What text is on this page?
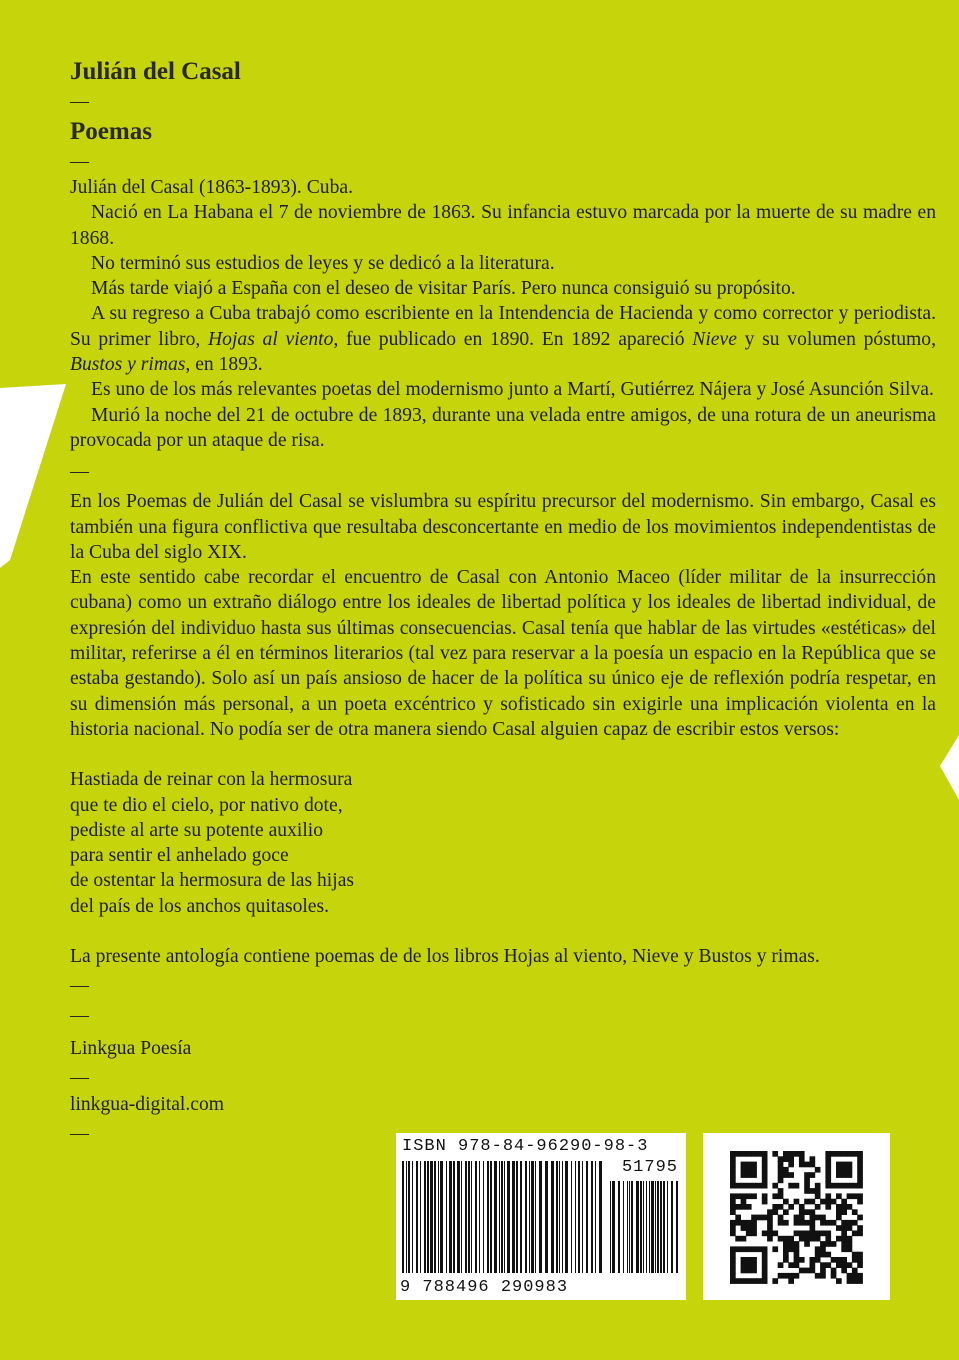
Julián del Casal
—
Poemas
—

Julián del Casal (1863-1893). Cuba.

Nació en La Habana el 7 de noviembre de 1863. Su infancia estuvo marcada por la muerte de su madre en 1868.

No terminó sus estudios de leyes y se dedicó a la literatura.

Más tarde viajó a España con el deseo de visitar París. Pero nunca consiguió su propósito.

A su regreso a Cuba trabajó como escribiente en la Intendencia de Hacienda y como corrector y periodista. Su primer libro, Hojas al viento, fue publicado en 1890. En 1892 apareció Nieve y su volumen póstumo, Bustos y rimas, en 1893.

Es uno de los más relevantes poetas del modernismo junto a Martí, Gutiérrez Nájera y José Asunción Silva.

Murió la noche del 21 de octubre de 1893, durante una velada entre amigos, de una rotura de un aneurisma provocada por un ataque de risa.

—

En los Poemas de Julián del Casal se vislumbra su espíritu precursor del modernismo. Sin embargo, Casal es también una figura conflictiva que resultaba desconcertante en medio de los movimientos independentistas de la Cuba del siglo XIX.

En este sentido cabe recordar el encuentro de Casal con Antonio Maceo (líder militar de la insurrección cubana) como un extraño diálogo entre los ideales de libertad política y los ideales de libertad individual, de expresión del individuo hasta sus últimas consecuencias. Casal tenía que hablar de las virtudes «estéticas» del militar, referirse a él en términos literarios (tal vez para reservar a la poesía un espacio en la República que se estaba gestando). Solo así un país ansioso de hacer de la política su único eje de reflexión podría respetar, en su dimensión más personal, a un poeta excéntrico y sofisticado sin exigirle una implicación violenta en la historia nacional. No podía ser de otra manera siendo Casal alguien capaz de escribir estos versos:

Hastiada de reinar con la hermosura

que te dio el cielo, por nativo dote,

pediste al arte su potente auxilio

para sentir el anhelado goce

de ostentar la hermosura de las hijas

del país de los anchos quitasoles.

La presente antología contiene poemas de de los libros Hojas al viento, Nieve y Bustos y rimas.

—
—
Linkgua Poesía
—
linkgua-digital.com
—
ISBN 978-84-96290-98-3
51795
9 788496 290983
